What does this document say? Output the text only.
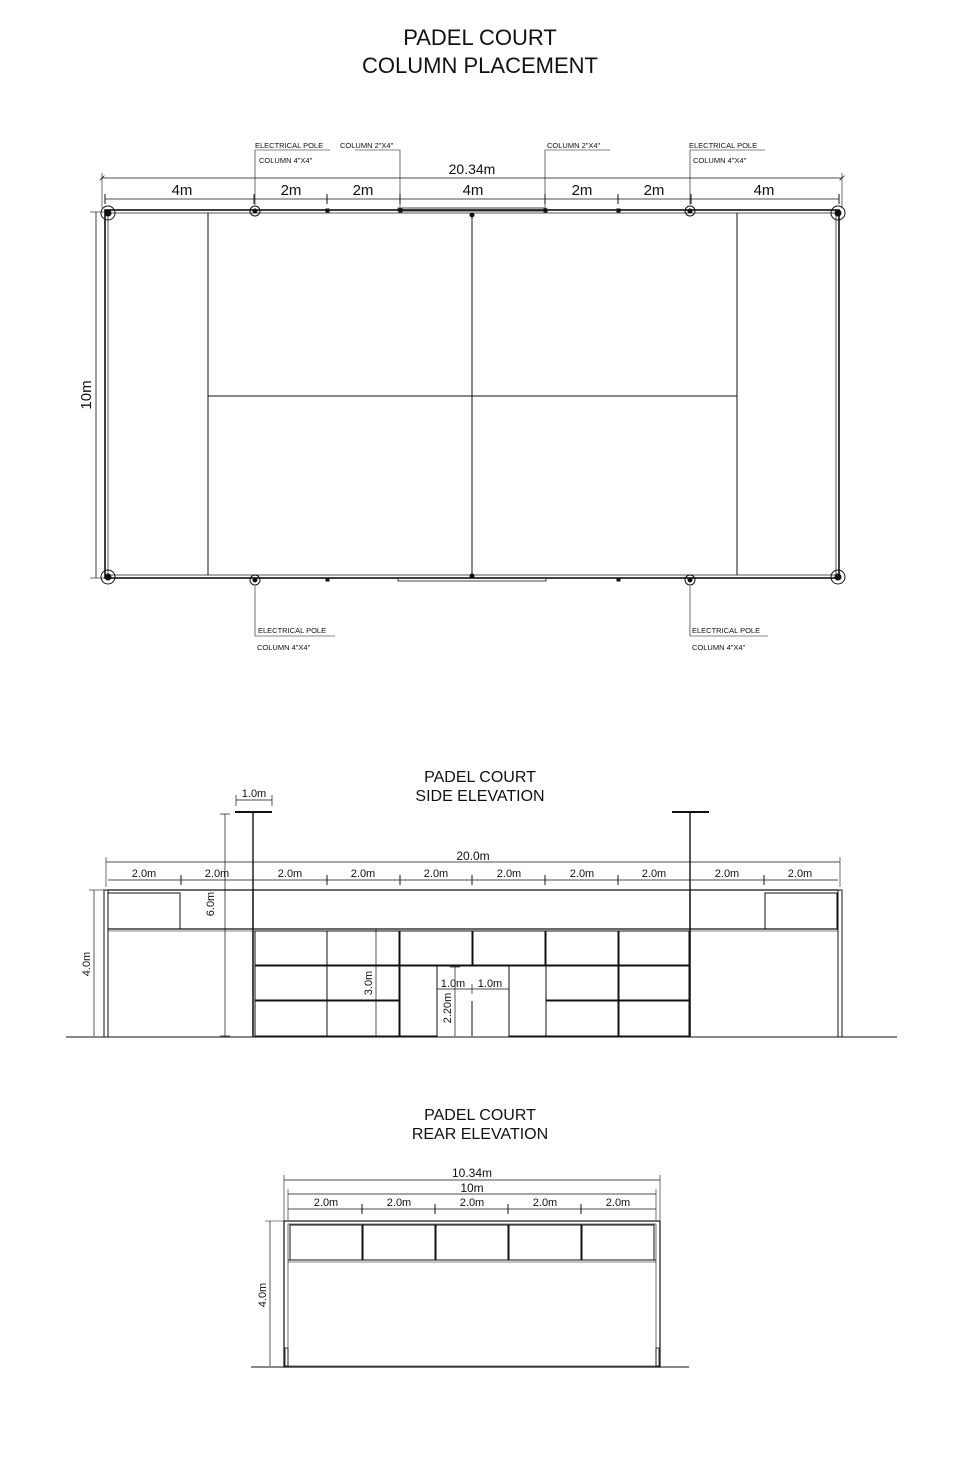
PADEL COURT
COLUMN PLACEMENT
PADEL COURT
SIDE ELEVATION
PADEL COURT
REAR ELEVATION
20.34m
4m	2m	2m	4m	2m	2m	4m
10m
ELECTRICAL POLE
COLUMN 4"X4"
COLUMN 2"X4"	COLUMN 2"X4"	ELECTRICAL POLE
COLUMN 4"X4"
ELECTRICAL POLE
COLUMN 4"X4"
ELECTRICAL POLE
COLUMN 4"X4"
1.0m
20.0m
2.0m	2.0m	2.0m	2.0m	2.0m	2.0m	2.0m	2.0m	2.0m	2.0m
6.0m
4.0m
3.0m
2.20m
1.0m 1.0m
10.34m
10m
2.0m	2.0m	2.0m	2.0m	2.0m
4.0m
